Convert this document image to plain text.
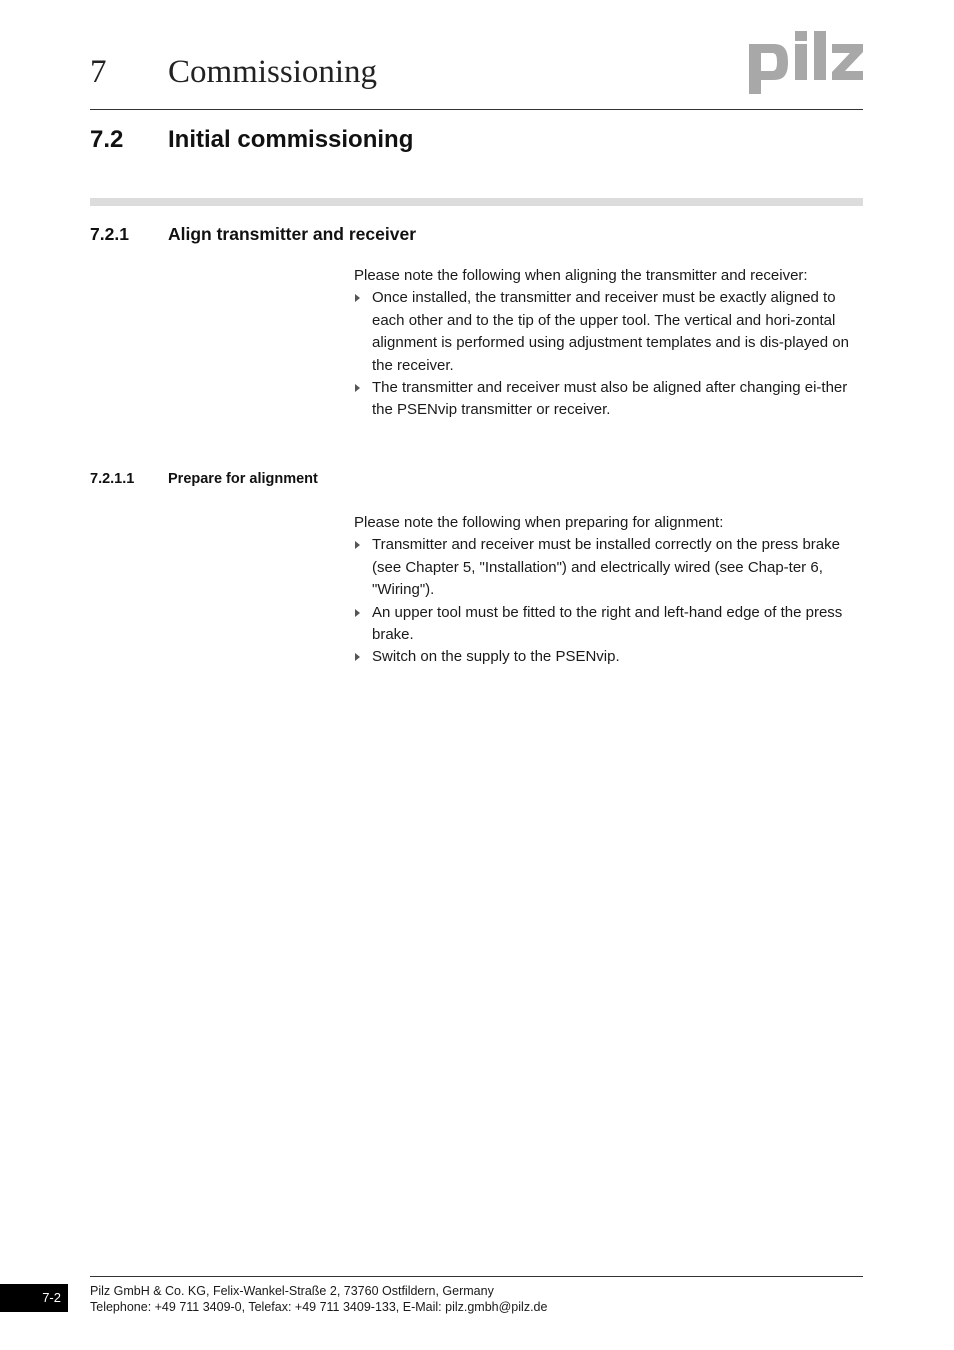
7 Commissioning
7.2 Initial commissioning
7.2.1 Align transmitter and receiver

Please note the following when aligning the transmitter and receiver:

Once installed, the transmitter and receiver must be exactly aligned to each other and to the tip of the upper tool. The vertical and hori-zontal alignment is performed using adjustment templates and is dis-played on the receiver.
The transmitter and receiver must also be aligned after changing ei-ther the PSENvip transmitter or receiver.
7.2.1.1 Prepare for alignment

Please note the following when preparing for alignment:

Transmitter and receiver must be installed correctly on the press brake (see Chapter 5, "Installation") and electrically wired (see Chap-ter 6, "Wiring").
An upper tool must be fitted to the right and left-hand edge of the press brake.
Switch on the supply to the PSENvip.
7-2	Pilz GmbH & Co. KG, Felix-Wankel-Straße 2, 73760 Ostfildern, Germany
Telephone: +49 711 3409-0, Telefax: +49 711 3409-133, E-Mail: pilz.gmbh@pilz.de
